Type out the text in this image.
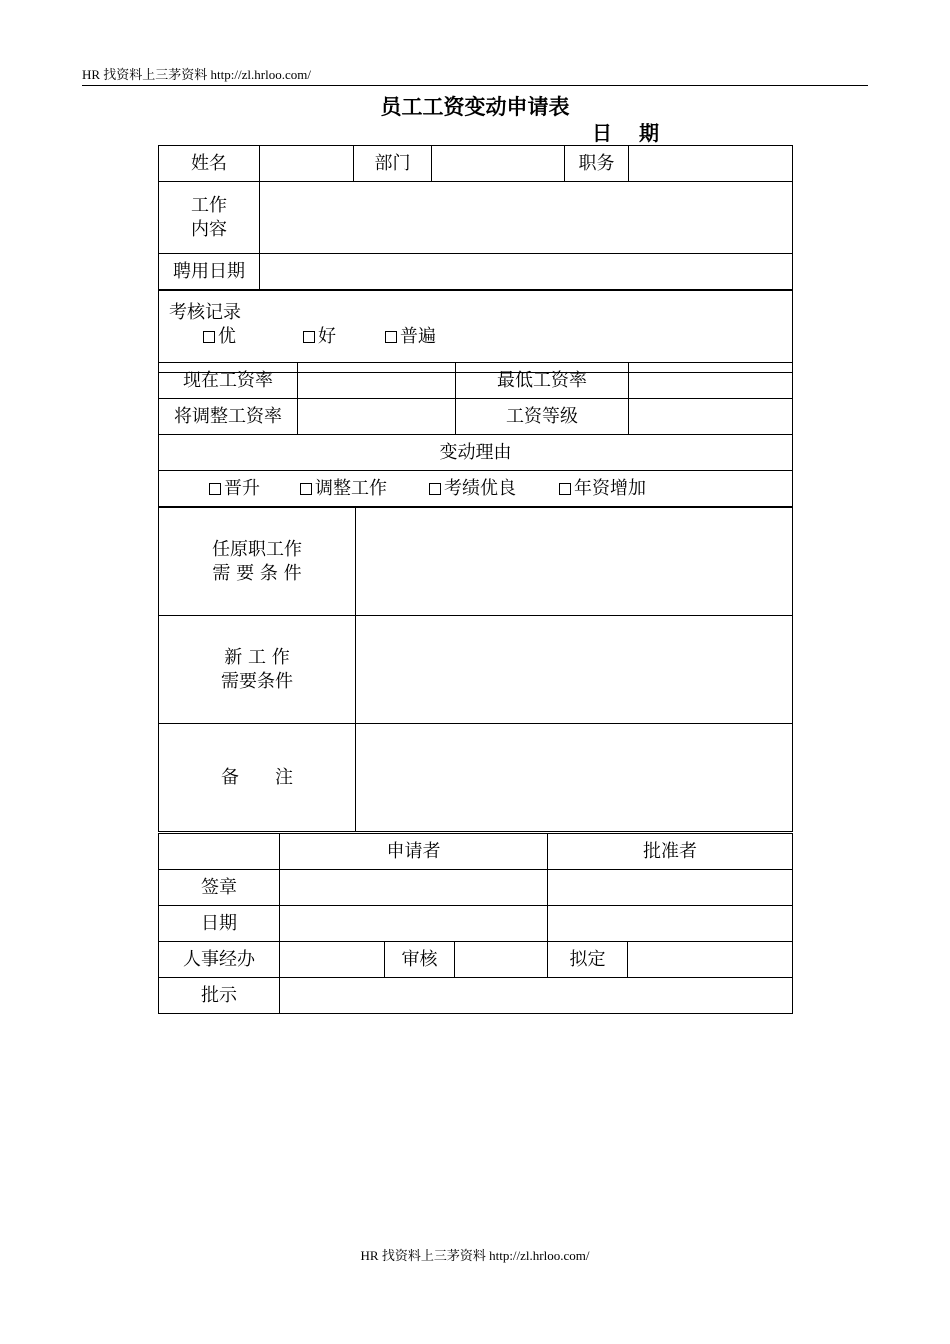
HR 找资料上三茅资料 http://zl.hrloo.com/
员工工资变动申请表
日 期
姓名		部门		职务	

工作
内容					

聘用日期					
考核记录
优	好	普遍
现在工资率		最低工资率	
将调整工资率		工资等级	
变动理由

晋升	调整工作	考绩优良	年资增加
任原职工作
需 要 条 件	

新 工 作
需要条件	

备　　注	
	申请者			批准者	
签章					
日期					
人事经办		审核		拟定	
批示					
HR 找资料上三茅资料 http://zl.hrloo.com/
